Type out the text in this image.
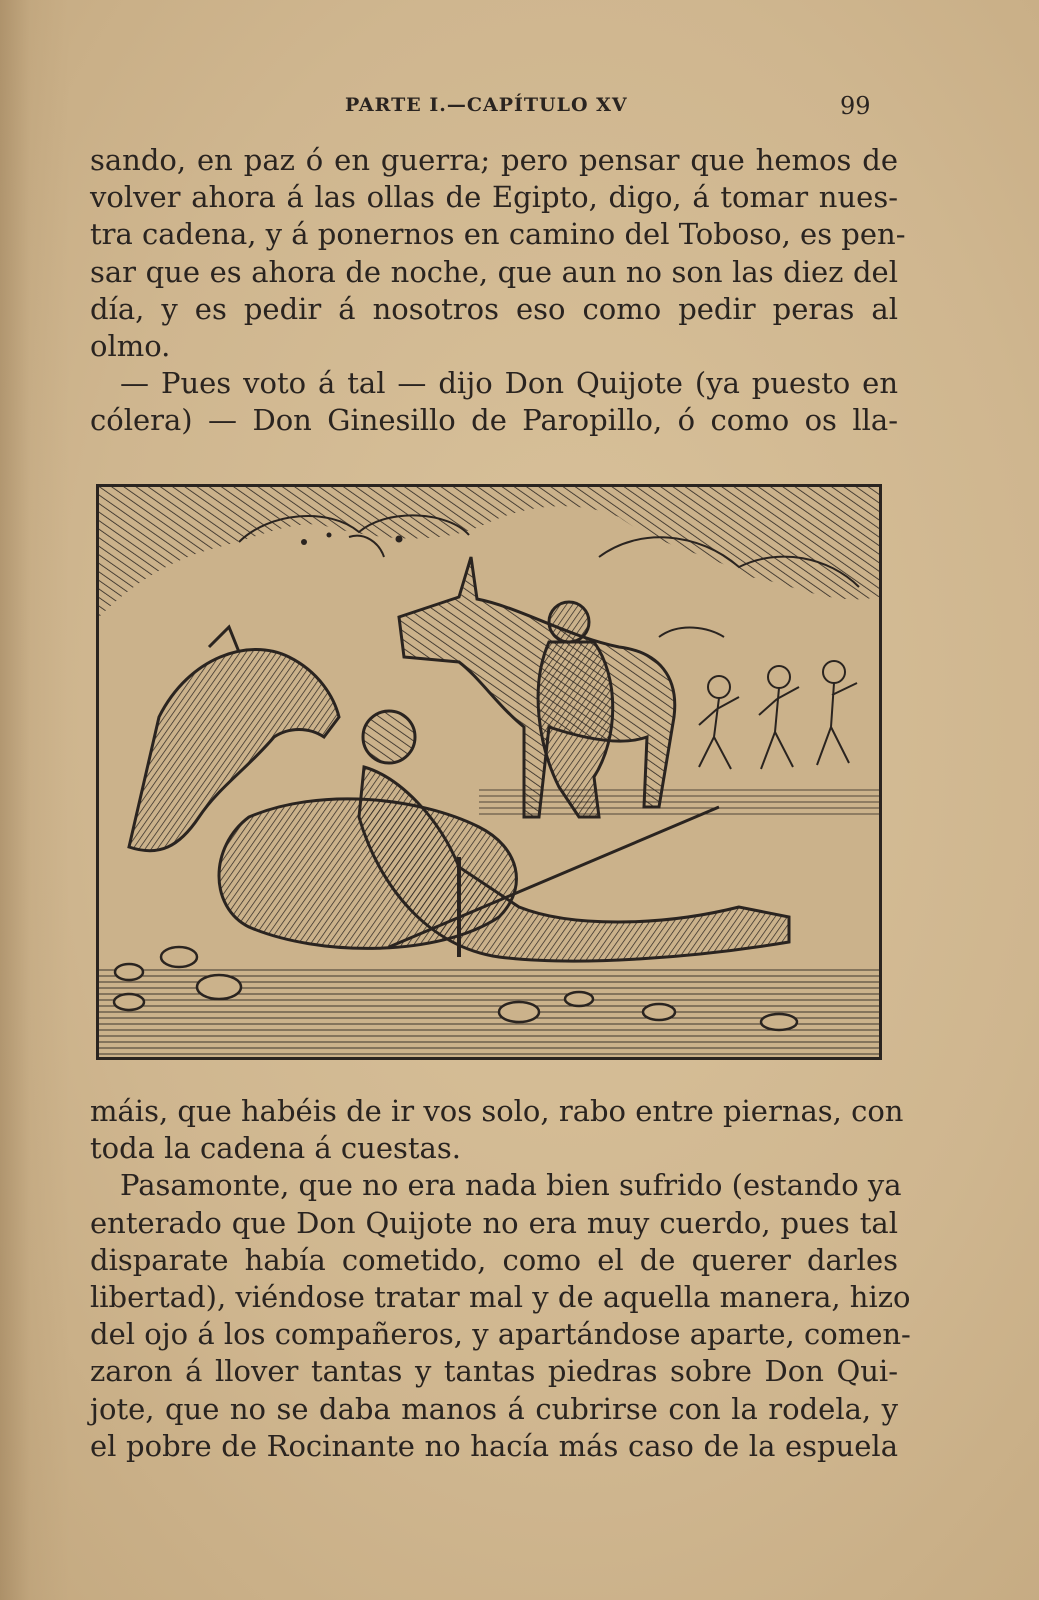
PARTE I.—CAPÍTULO XV	99

sando, en paz ó en guerra; pero pensar que hemos de
volver ahora á las ollas de Egipto, digo, á tomar nues-
tra cadena, y á ponernos en camino del Toboso, es pen-
sar que es ahora de noche, que aun no son las diez del
día, y es pedir á nosotros eso como pedir peras al
olmo.

— Pues voto á tal — dijo Don Quijote (ya puesto en
cólera) — Don Ginesillo de Paropillo, ó como os lla-

máis, que habéis de ir vos solo, rabo entre piernas, con
toda la cadena á cuestas.

Pasamonte, que no era nada bien sufrido (estando ya
enterado que Don Quijote no era muy cuerdo, pues tal
disparate había cometido, como el de querer darles
libertad), viéndose tratar mal y de aquella manera, hizo
del ojo á los compañeros, y apartándose aparte, comen-
zaron á llover tantas y tantas piedras sobre Don Qui-
jote, que no se daba manos á cubrirse con la rodela, y
el pobre de Rocinante no hacía más caso de la espuela
